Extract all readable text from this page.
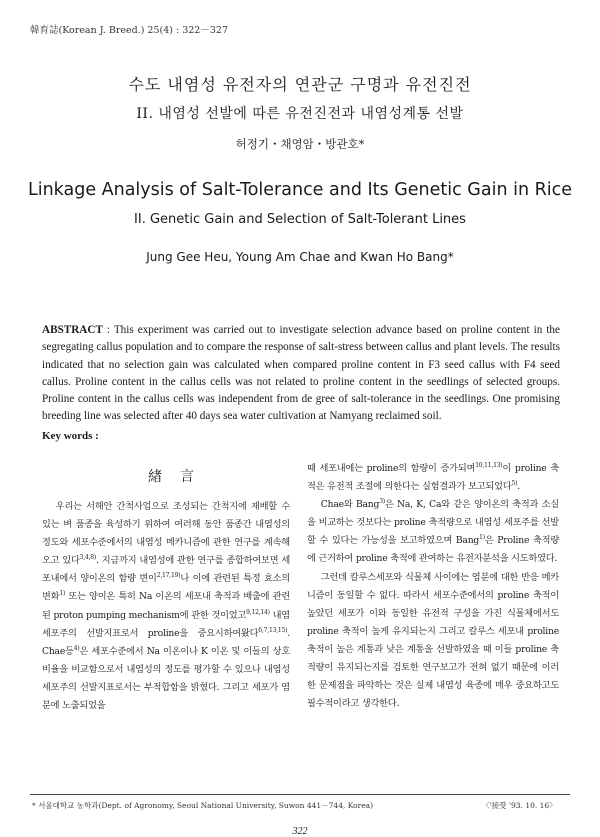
韓育誌(Korean J. Breed.) 25(4) : 322－327
수도 내염성 유전자의 연관군 구명과 유전진전
II. 내염성 선발에 따른 유전진전과 내염성계통 선발
허정기・채영암・방관호*
Linkage Analysis of Salt-Tolerance and Its Genetic Gain in Rice
II. Genetic Gain and Selection of Salt-Tolerant Lines
Jung Gee Heu, Young Am Chae and Kwan Ho Bang*
ABSTRACT : This experiment was carried out to investigate selection advance based on proline content in the segregating callus population and to compare the response of salt-stress between callus and plant levels. The results indicated that no selection gain was calculated when compared proline content in F3 seed callus with F4 seed callus. Proline content in the callus cells was not related to proline content in the seedlings of selected groups. Proline content in the callus cells was independent from de gree of salt-tolerance in the seedlings. One promising breeding line was selected after 40 days sea water cultivation at Namyang reclaimed soil.
Key words :
緖言

우리는 서해안 간척사업으로 조성되는 간척지에 재배할 수 있는 벼 품종을 육성하기 위하여 여러해 동안 품종간 내염성의 정도와 세포수준에서의 내염성 메카니즘에 관한 연구를 계속해 오고 있다$^{3,4,8)}$. 지금까지 내염성에 관한 연구를 종합하여보면 세포내에서 양이온의 함량 변이$^{2,17,19)}$나 이에 관련된 특정 효소의 변화$^{1)}$ 또는 양이온 특히 Na 이온의 세포내 축적과 배출에 관련된 proton pumping mechanism에 관한 것이었고$^{9,12,14)}$ 내염세포주의 선발지표로서 proline을 중요시하여왔다$^{6,7,13,15)}$. Chae등$^{4)}$은 세포수준에서 Na 이온이나 K 이온 및 이들의 상호비율을 비교함으로서 내염성의 정도를 평가할 수 있으나 내염성 세포주의 선발지표로서는 부적합함을 밝혔다. 그리고 세포가 염분에 노출되었을

때 세포내에는 proline의 함량이 증가되며$^{10,11,13)}$이 proline 축적은 유전적 조절에 의한다는 실험결과가 보고되었다$^{5)}$.

Chae와 Bang$^{3)}$은 Na, K, Ca와 같은 양이온의 축적과 소실을 비교하는 것보다는 proline 축적량으로 내염성 세포주를 선발할 수 있다는 가능성을 보고하였으며 Bang$^{1)}$은 Proline 축적량에 근거하여 proline 축적에 관여하는 유전자분석을 시도하였다.

그런데 칼루스세포와 식물체 사이에는 염분에 대한 반응 메카니즘이 동일할 수 없다. 따라서 세포수준에서의 proline 축적이 높았던 세포가 이와 동일한 유전적 구성을 가진 식물체에서도 proline 축적이 높게 유지되는지 그리고 칼루스 세포내 proline 축적이 높은 계통과 낮은 계통을 선발하였을 때 이들 proline 축적량이 유지되는지를 검토한 연구보고가 전혀 없기 때문에 이러한 문제점을 파악하는 것은 실제 내염성 육종에 매우 중요하고도 필수적이라고 생각한다.

* 서울대학교 농학과(Dept. of Agronomy, Seoul National University, Suwon 441－744, Korea)	〈'接受 '93. 10. 16〉
322
